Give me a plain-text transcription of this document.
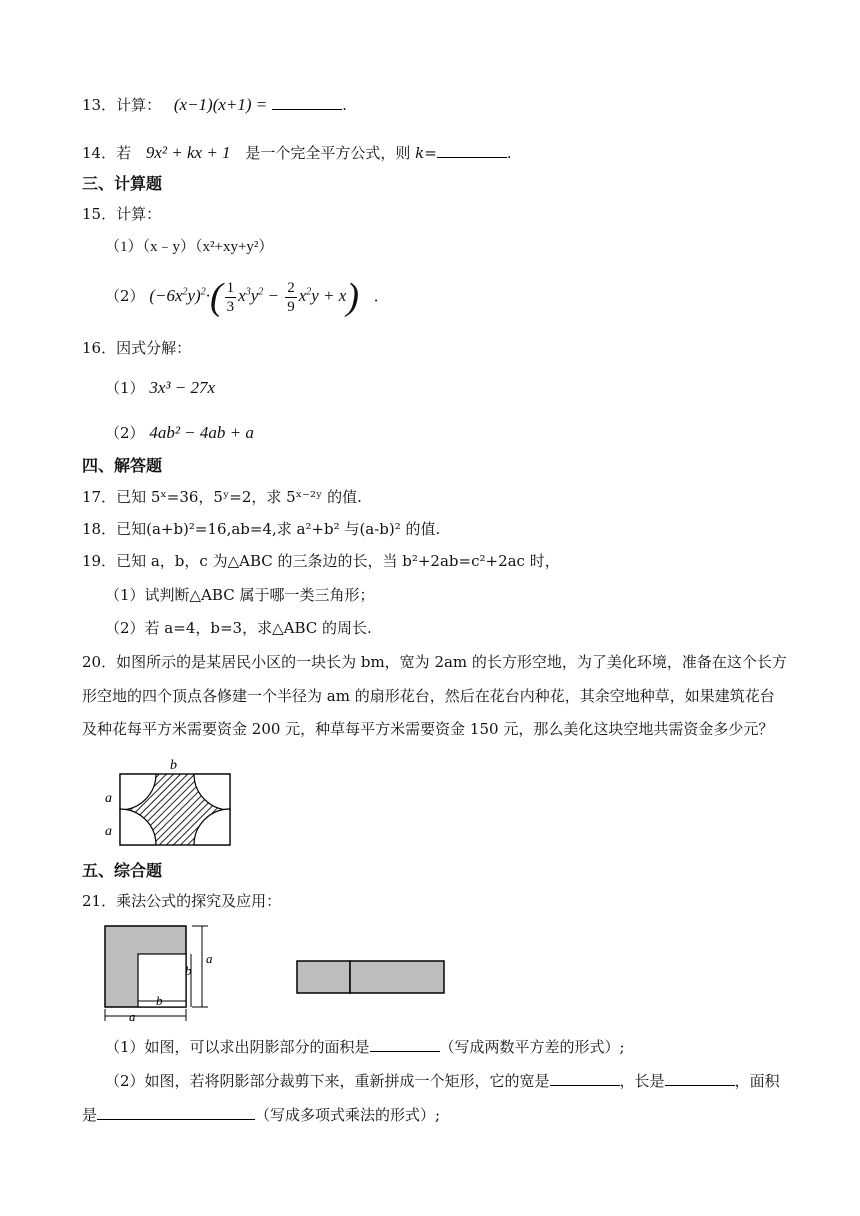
13．计算： (x−1)(x+1) =	.
14．若 9x² + kx + 1 是一个完全平方公式，则 k=	.
三、计算题
15．计算：
（1）（x﹣y）（x²+xy+y²）
（2） $(-6x^2y)^2\cdot( \frac{1}{3} x^3y^2 - \frac{2}{9} x^2y + x)$ ．
16．因式分解：
（1） 3x³ − 27x
（2） 4ab² − 4ab + a
四、解答题
17．已知 5ˣ=36，5ʸ=2，求 5ˣ⁻²ʸ 的值.
18．已知(a+b)²=16,ab=4,求 a²+b² 与(a-b)² 的值.
19．已知 a，b，c 为△ABC 的三条边的长，当 b²+2ab=c²+2ac 时，
（1）试判断△ABC 属于哪一类三角形；
（2）若 a=4，b=3，求△ABC 的周长.
20．如图所示的是某居民小区的一块长为 bm，宽为 2am 的长方形空地，为了美化环境，准备在这个长方
形空地的四个顶点各修建一个半径为 am 的扇形花台，然后在花台内种花，其余空地种草，如果建筑花台
及种花每平方米需要资金 200 元，种草每平方米需要资金 150 元，那么美化这块空地共需资金多少元？
b
a
a
五、综合题
21．乘法公式的探究及应用：
a
b
b
a
（1）如图，可以求出阴影部分的面积是	（写成两数平方差的形式）;
（2）如图，若将阴影部分裁剪下来，重新拼成一个矩形，它的宽是	，长是	，面积
是	（写成多项式乘法的形式）;
